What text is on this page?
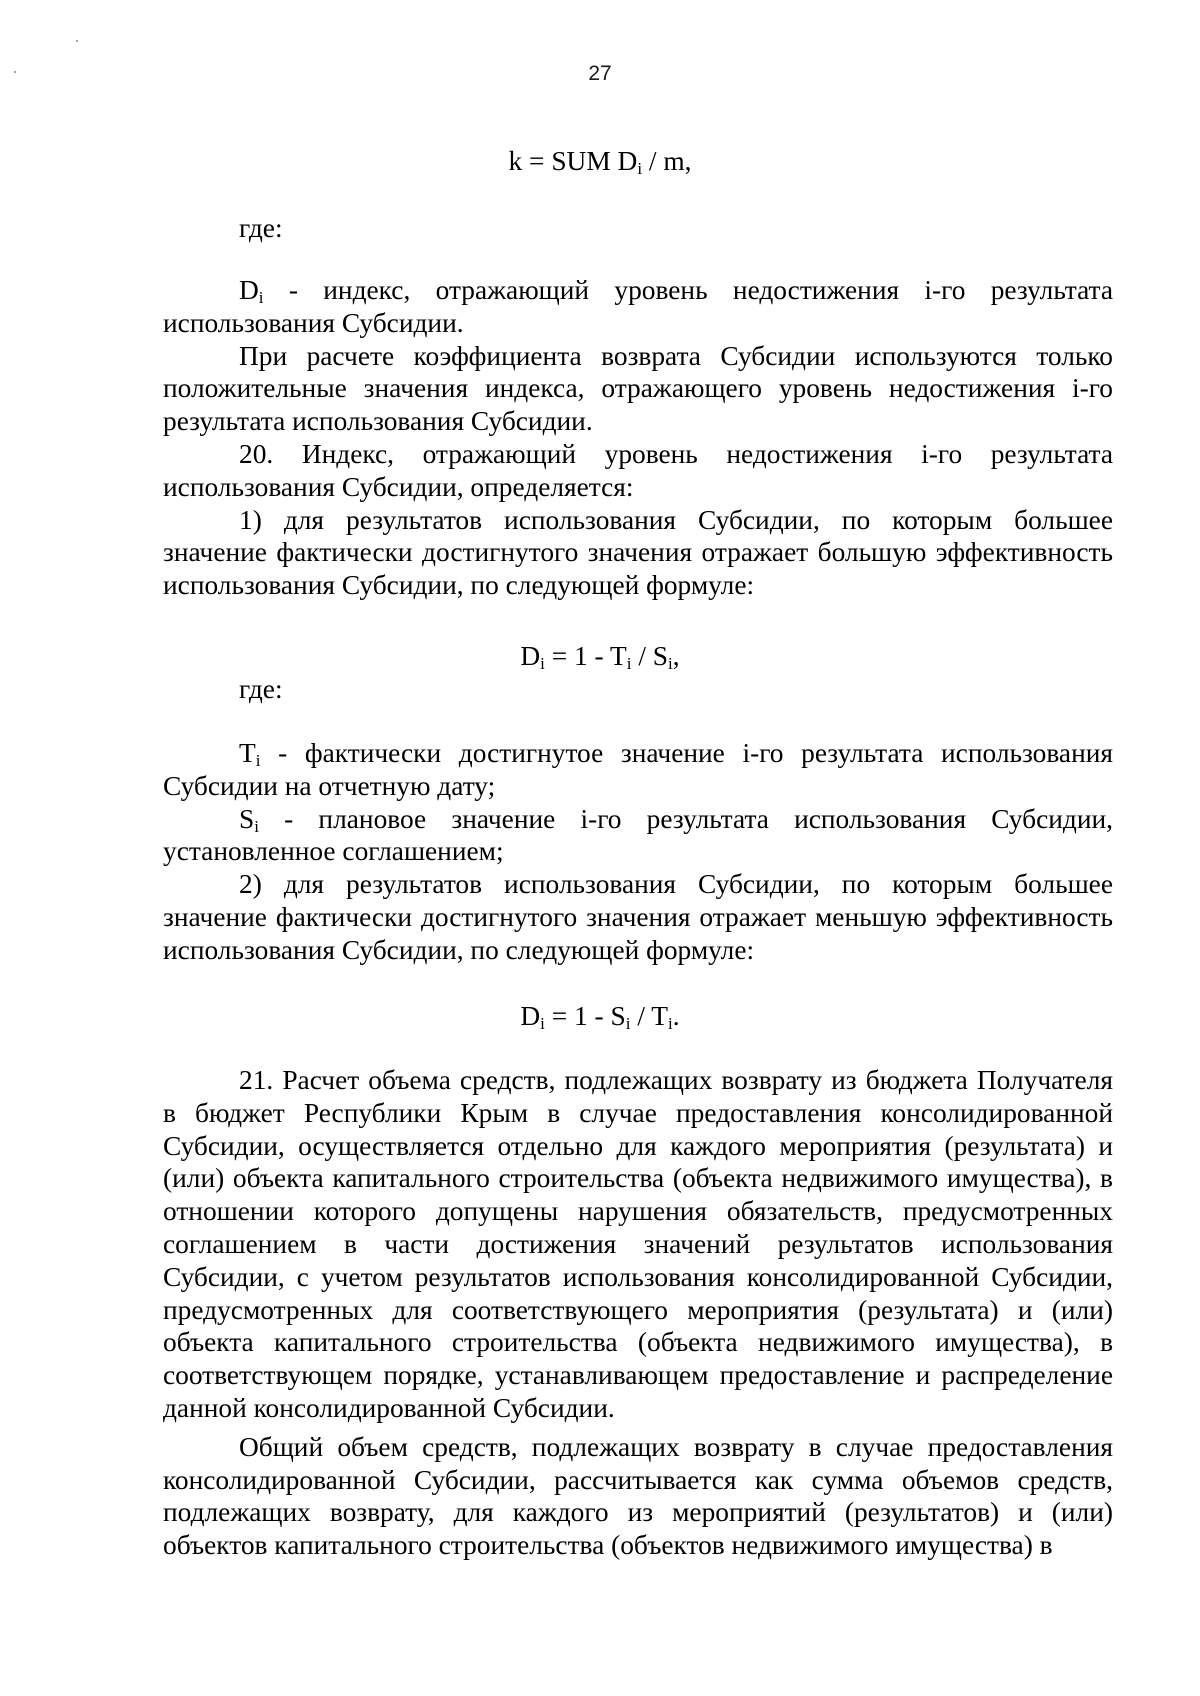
27
k = SUM $D_i$ / m,
где:

$D_i$ - индекс, отражающий уровень недостижения i-го результата использования Субсидии.

При расчете коэффициента возврата Субсидии используются только положительные значения индекса, отражающего уровень недостижения i-го результата использования Субсидии.

20. Индекс, отражающий уровень недостижения i-го результата использования Субсидии, определяется:

1) для результатов использования Субсидии, по которым большее значение фактически достигнутого значения отражает большую эффективность использования Субсидии, по следующей формуле:

$D_i = 1 - T_i / S_i$,
где:

$T_i$ - фактически достигнутое значение i-го результата использования Субсидии на отчетную дату;

$S_i$ - плановое значение i-го результата использования Субсидии, установленное соглашением;

2) для результатов использования Субсидии, по которым большее значение фактически достигнутого значения отражает меньшую эффективность использования Субсидии, по следующей формуле:

$D_i = 1 - S_i / T_i$.

21. Расчет объема средств, подлежащих возврату из бюджета Получателя в бюджет Республики Крым в случае предоставления консолидированной Субсидии, осуществляется отдельно для каждого мероприятия (результата) и (или) объекта капитального строительства (объекта недвижимого имущества), в отношении которого допущены нарушения обязательств, предусмотренных соглашением в части достижения значений результатов использования Субсидии, с учетом результатов использования консолидированной Субсидии, предусмотренных для соответствующего мероприятия (результата) и (или) объекта капитального строительства (объекта недвижимого имущества), в соответствующем порядке, устанавливающем предоставление и распределение данной консолидированной Субсидии.

Общий объем средств, подлежащих возврату в случае предоставления консолидированной Субсидии, рассчитывается как сумма объемов средств, подлежащих возврату, для каждого из мероприятий (результатов) и (или) объектов капитального строительства (объектов недвижимого имущества) в
